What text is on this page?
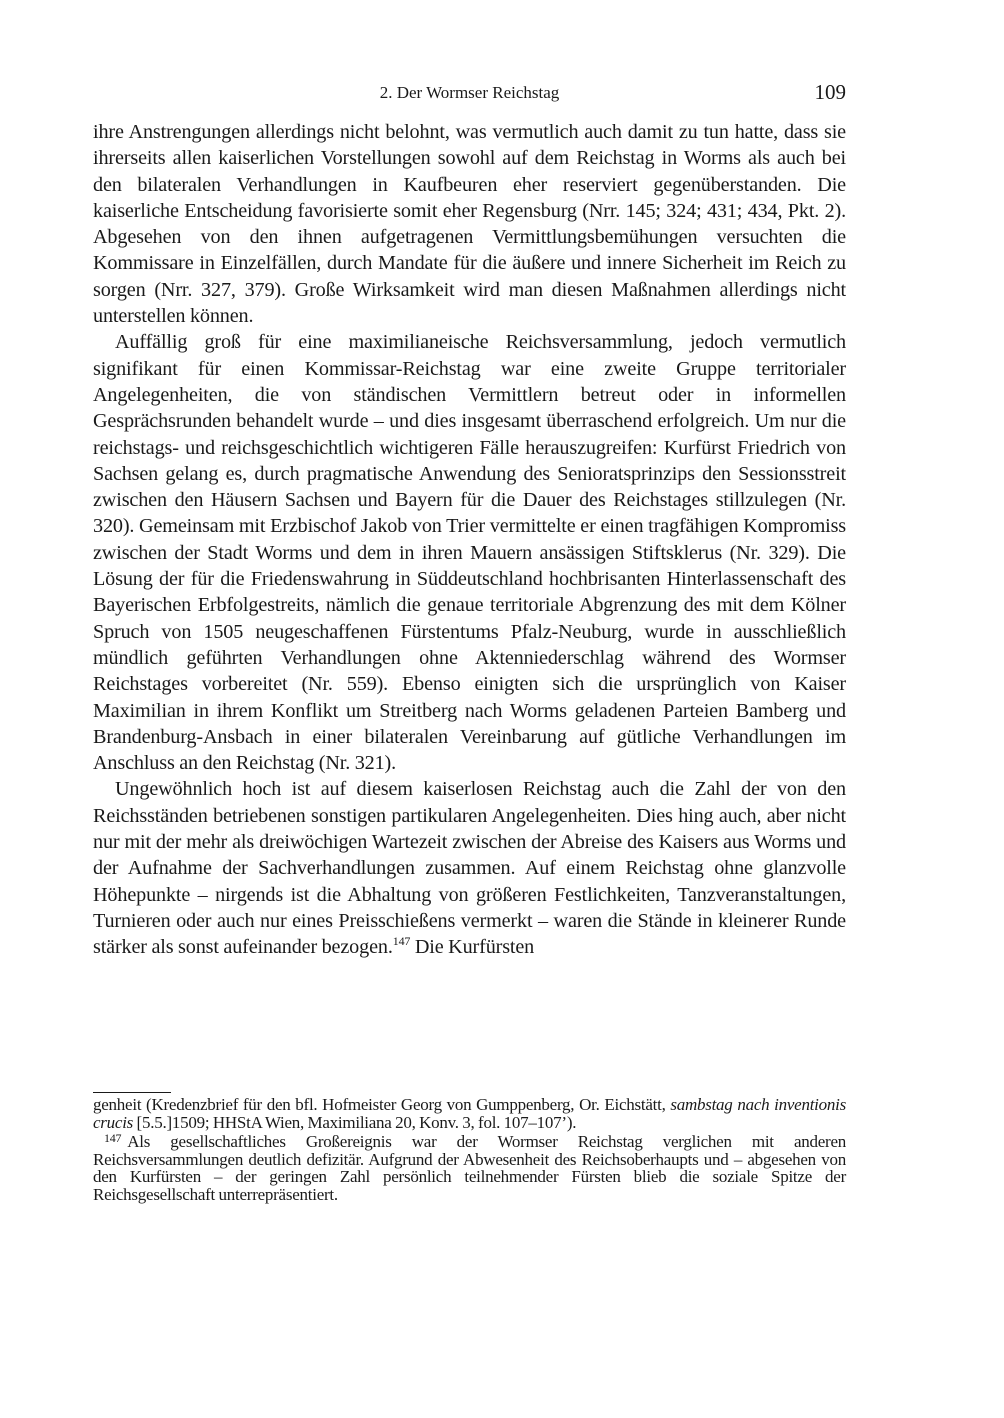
2. Der Wormser Reichstag	109

ihre Anstrengungen allerdings nicht belohnt, was vermutlich auch damit zu tun hatte, dass sie ihrerseits allen kaiserlichen Vorstellungen sowohl auf dem Reichstag in Worms als auch bei den bilateralen Verhandlungen in Kaufbeuren eher reserviert gegenüberstanden. Die kaiserliche Entscheidung favorisierte somit eher Regensburg (Nrr. 145; 324; 431; 434, Pkt. 2). Abgesehen von den ihnen aufgetragenen Vermittlungsbemühungen versuchten die Kommissare in Einzelfällen, durch Mandate für die äußere und innere Sicherheit im Reich zu sorgen (Nrr. 327, 379). Große Wirksamkeit wird man diesen Maßnahmen allerdings nicht unterstellen können.

Auffällig groß für eine maximilianeische Reichsversammlung, jedoch vermutlich signifikant für einen Kommissar-Reichstag war eine zweite Gruppe territorialer Angelegenheiten, die von ständischen Vermittlern betreut oder in informellen Gesprächsrunden behandelt wurde – und dies insgesamt überraschend erfolgreich. Um nur die reichstags- und reichsgeschichtlich wichtigeren Fälle herauszugreifen: Kurfürst Friedrich von Sachsen gelang es, durch pragmatische Anwendung des Senioratsprinzips den Sessionsstreit zwischen den Häusern Sachsen und Bayern für die Dauer des Reichstages stillzulegen (Nr. 320). Gemeinsam mit Erzbischof Jakob von Trier vermittelte er einen tragfähigen Kompromiss zwischen der Stadt Worms und dem in ihren Mauern ansässigen Stiftsklerus (Nr. 329). Die Lösung der für die Friedenswahrung in Süddeutschland hochbrisanten Hinterlassenschaft des Bayerischen Erbfolgestreits, nämlich die genaue territoriale Abgrenzung des mit dem Kölner Spruch von 1505 neugeschaffenen Fürstentums Pfalz-Neuburg, wurde in ausschließlich mündlich geführten Verhandlungen ohne Aktenniederschlag während des Wormser Reichstages vorbereitet (Nr. 559). Ebenso einigten sich die ursprünglich von Kaiser Maximilian in ihrem Konflikt um Streitberg nach Worms geladenen Parteien Bamberg und Brandenburg-Ansbach in einer bilateralen Vereinbarung auf gütliche Verhandlungen im Anschluss an den Reichstag (Nr. 321).

Ungewöhnlich hoch ist auf diesem kaiserlosen Reichstag auch die Zahl der von den Reichsständen betriebenen sonstigen partikularen Angelegenheiten. Dies hing auch, aber nicht nur mit der mehr als dreiwöchigen Wartezeit zwischen der Abreise des Kaisers aus Worms und der Aufnahme der Sachverhandlungen zusammen. Auf einem Reichstag ohne glanzvolle Höhepunkte – nirgends ist die Abhaltung von größeren Festlichkeiten, Tanzveranstaltungen, Turnieren oder auch nur eines Preisschießens vermerkt – waren die Stände in kleinerer Runde stärker als sonst aufeinander bezogen.$^{147}$ Die Kurfürsten

genheit (Kredenzbrief für den bfl. Hofmeister Georg von Gumppenberg, Or. Eichstätt, sambstag nach inventionis crucis [5.5.]1509; HHStA Wien, Maximiliana 20, Konv. 3, fol. 107–107’).

$^{147}$ Als gesellschaftliches Großereignis war der Wormser Reichstag verglichen mit anderen Reichsversammlungen deutlich defizitär. Aufgrund der Abwesenheit des Reichsoberhaupts und – abgesehen von den Kurfürsten – der geringen Zahl persönlich teilnehmender Fürsten blieb die soziale Spitze der Reichsgesellschaft unterrepräsentiert.
